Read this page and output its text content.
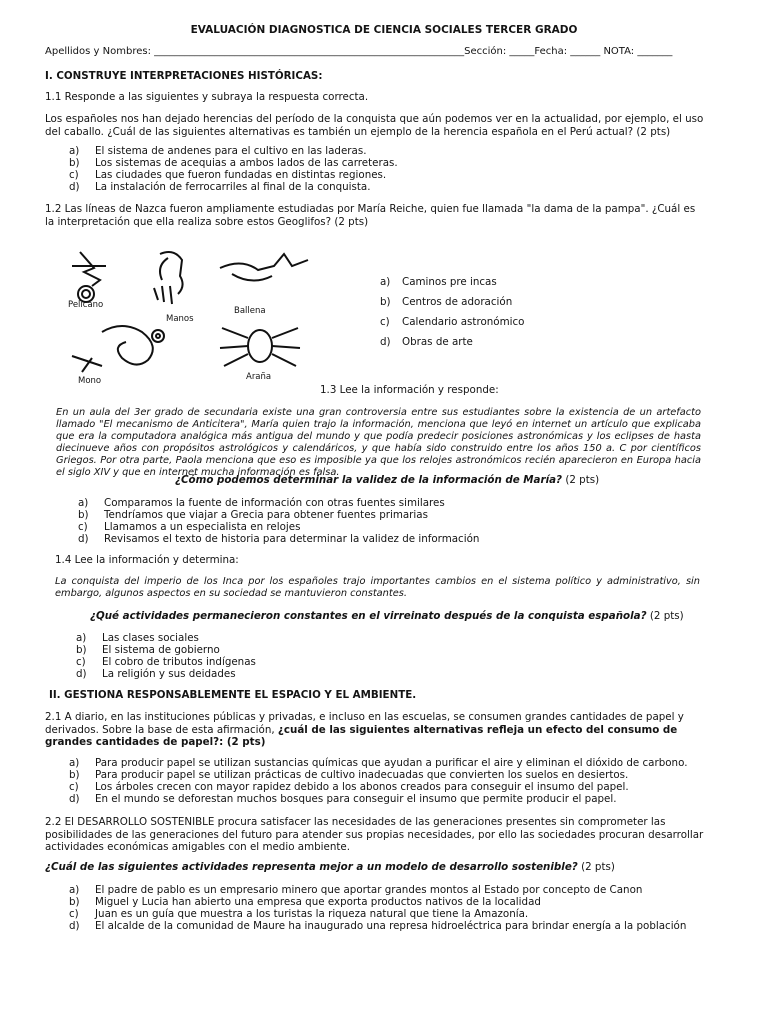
EVALUACIÓN DIAGNOSTICA DE CIENCIA SOCIALES TERCER GRADO
Apellidos y Nombres: ______________________________________________________________Sección: _____Fecha: ______ NOTA: _______
I. CONSTRUYE INTERPRETACIONES HISTÓRICAS:
1.1 Responde a las siguientes y subraya la respuesta correcta.
Los españoles nos han dejado herencias del período de la conquista que aún podemos ver en la actualidad, por ejemplo, el uso del caballo. ¿Cuál de las siguientes alternativas es también un ejemplo de la herencia española en el Perú actual? (2 pts)
a)	El sistema de andenes para el cultivo en las laderas.
b)	Los sistemas de acequias a ambos lados de las carreteras.
c)	Las ciudades que fueron fundadas en distintas regiones.
d)	La instalación de ferrocarriles al final de la conquista.
1.2 Las líneas de Nazca fueron ampliamente estudiadas por María Reiche, quien fue llamada "la dama de la pampa". ¿Cuál es la interpretación que ella realiza sobre estos Geoglifos? (2 pts)
Pelicano
Manos
Ballena
Mono	Araña
a)	Caminos pre incas
b)	Centros de adoración
c)	Calendario astronómico
d)	Obras de arte
1.3 Lee la información y responde:
En un aula del 3er grado de secundaria existe una gran controversia entre sus estudiantes sobre la existencia de un artefacto llamado "El mecanismo de Anticitera", María quien trajo la información, menciona que leyó en internet un artículo que explicaba que era la computadora analógica más antigua del mundo y que podía predecir posiciones astronómicas y los eclipses de hasta diecinueve años con propósitos astrológicos y calendáricos, y que había sido construido entre los años 150 a. C por científicos Griegos. Por otra parte, Paola menciona que eso es imposible ya que los relojes astronómicos recién aparecieron en Europa hacia el siglo XIV y que en internet mucha información es falsa.
¿Cómo podemos determinar la validez de la información de María? (2 pts)
a)	Comparamos la fuente de información con otras fuentes similares
b)	Tendríamos que viajar a Grecia para obtener fuentes primarias
c)	Llamamos a un especialista en relojes
d)	Revisamos el texto de historia para determinar la validez de información
1.4 Lee la información y determina:
La conquista del imperio de los Inca por los españoles trajo importantes cambios en el sistema político y administrativo, sin embargo, algunos aspectos en su sociedad se mantuvieron constantes.
¿Qué actividades permanecieron constantes en el virreinato después de la conquista española? (2 pts)
a)	Las clases sociales
b)	El sistema de gobierno
c)	El cobro de tributos indígenas
d)	La religión y sus deidades
II. GESTIONA RESPONSABLEMENTE EL ESPACIO Y EL AMBIENTE.
2.1 A diario, en las instituciones públicas y privadas, e incluso en las escuelas, se consumen grandes cantidades de papel y derivados. Sobre la base de esta afirmación, ¿cuál de las siguientes alternativas refleja un efecto del consumo de grandes cantidades de papel?: (2 pts)
a)	Para producir papel se utilizan sustancias químicas que ayudan a purificar el aire y eliminan el dióxido de carbono.
b)	Para producir papel se utilizan prácticas de cultivo inadecuadas que convierten los suelos en desiertos.
c)	Los árboles crecen con mayor rapidez debido a los abonos creados para conseguir el insumo del papel.
d)	En el mundo se deforestan muchos bosques para conseguir el insumo que permite producir el papel.
2.2 El DESARROLLO SOSTENIBLE procura satisfacer las necesidades de las generaciones presentes sin comprometer las posibilidades de las generaciones del futuro para atender sus propias necesidades, por ello las sociedades procuran desarrollar actividades económicas amigables con el medio ambiente.
¿Cuál de las siguientes actividades representa mejor a un modelo de desarrollo sostenible? (2 pts)
a)	El padre de pablo es un empresario minero que aportar grandes montos al Estado por concepto de Canon
b)	Miguel y Lucia han abierto una empresa que exporta productos nativos de la localidad
c)	Juan es un guía que muestra a los turistas la riqueza natural que tiene la Amazonía.
d)	El alcalde de la comunidad de Maure ha inaugurado una represa hidroeléctrica para brindar energía a la población
